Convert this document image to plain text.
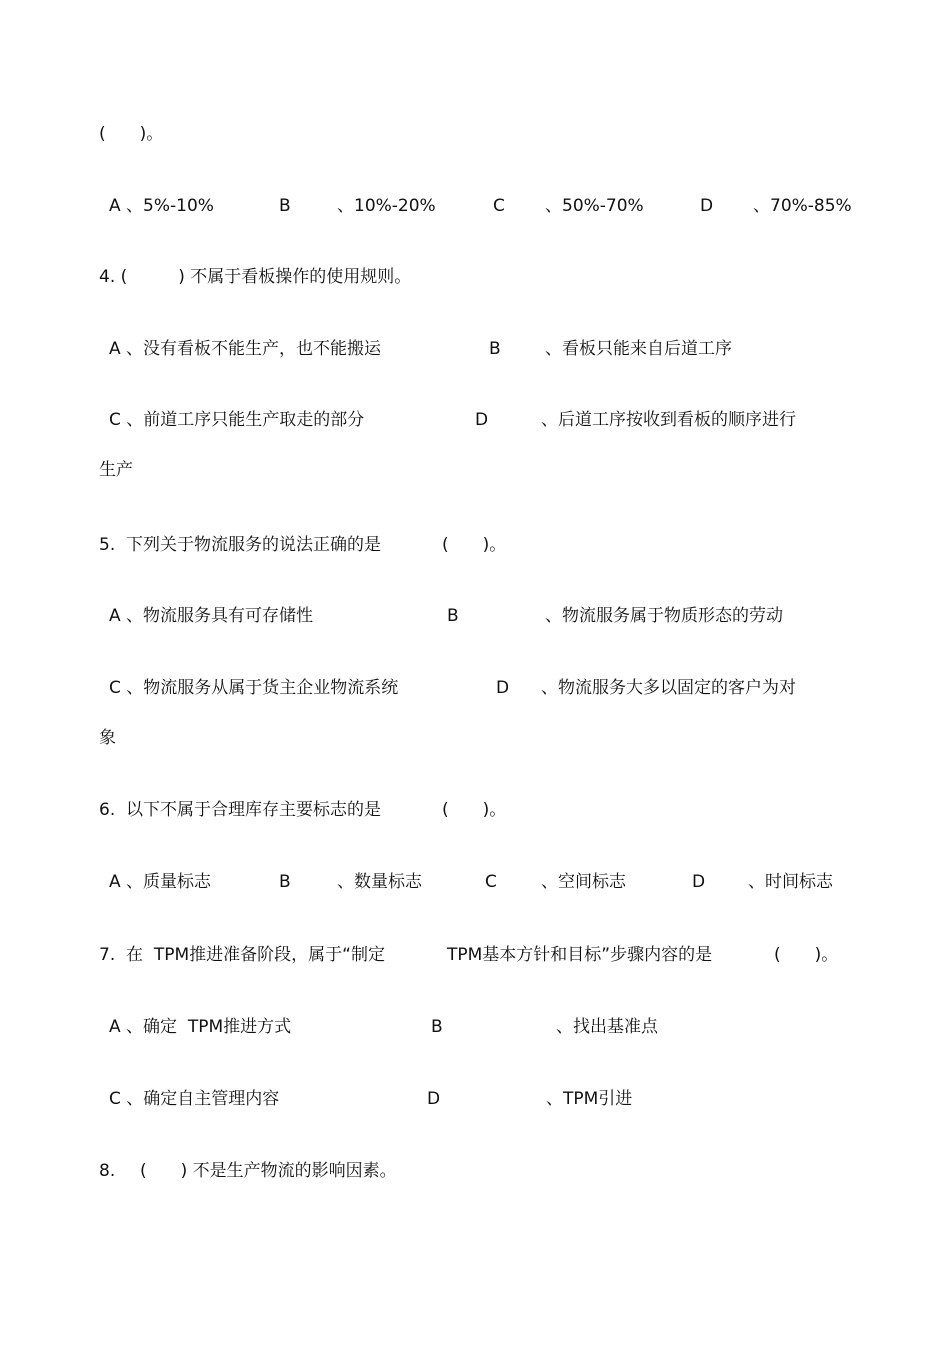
(　　)。
A 、5%-10%	B	、10%-20%	C 、50%-70%	D 、70%-85%
4. (　　　) 不属于看板操作的使用规则。
A 、没有看板不能生产，也不能搬运	B	、看板只能来自后道工序
C 、前道工序只能生产取走的部分	D	、后道工序按收到看板的顺序进行
生产
5.  下列关于物流服务的说法正确的是	(　　)。
A 、物流服务具有可存储性	B	、物流服务属于物质形态的劳动
C 、物流服务从属于货主企业物流系统	D 、物流服务大多以固定的客户为对
象
6.  以下不属于合理库存主要标志的是	(　　)。
A 、质量标志	B	、数量标志	C	、空间标志	D	、时间标志
7.  在  TPM推进准备阶段，属于“制定	TPM基本方针和目标”步骤内容的是	(　　)。
A 、确定  TPM推进方式	B	、找出基准点
C 、确定自主管理内容	D	、TPM引进
8. (　　) 不是生产物流的影响因素。
